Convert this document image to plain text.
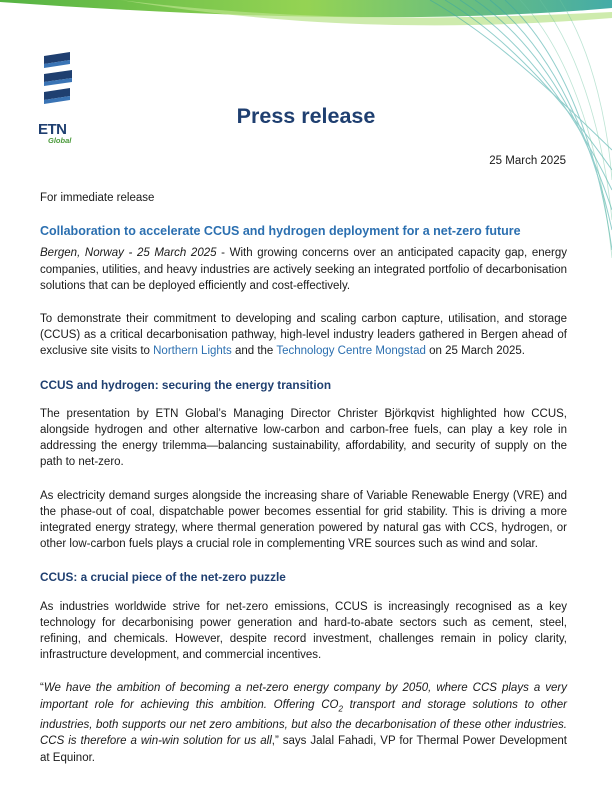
ETN
Global
Press release
25 March 2025

For immediate release

Collaboration to accelerate CCUS and hydrogen deployment for a net-zero future

Bergen, Norway - 25 March 2025 - With growing concerns over an anticipated capacity gap, energy companies, utilities, and heavy industries are actively seeking an integrated portfolio of decarbonisation solutions that can be deployed efficiently and cost-effectively.

To demonstrate their commitment to developing and scaling carbon capture, utilisation, and storage (CCUS) as a critical decarbonisation pathway, high-level industry leaders gathered in Bergen ahead of exclusive site visits to Northern Lights and the Technology Centre Mongstad on 25 March 2025.

CCUS and hydrogen: securing the energy transition

The presentation by ETN Global’s Managing Director Christer Björkqvist highlighted how CCUS, alongside hydrogen and other alternative low-carbon and carbon-free fuels, can play a key role in addressing the energy trilemma—balancing sustainability, affordability, and security of supply on the path to net-zero.

As electricity demand surges alongside the increasing share of Variable Renewable Energy (VRE) and the phase-out of coal, dispatchable power becomes essential for grid stability. This is driving a more integrated energy strategy, where thermal generation powered by natural gas with CCS, hydrogen, or other low-carbon fuels plays a crucial role in complementing VRE sources such as wind and solar.

CCUS: a crucial piece of the net-zero puzzle

As industries worldwide strive for net-zero emissions, CCUS is increasingly recognised as a key technology for decarbonising power generation and hard-to-abate sectors such as cement, steel, refining, and chemicals. However, despite record investment, challenges remain in policy clarity, infrastructure development, and commercial incentives.

“We have the ambition of becoming a net-zero energy company by 2050, where CCS plays a very important role for achieving this ambition. Offering $CO_2$ transport and storage solutions to other industries, both supports our net zero ambitions, but also the decarbonisation of these other industries. CCS is therefore a win-win solution for us all,” says Jalal Fahadi, VP for Thermal Power Development at Equinor.
